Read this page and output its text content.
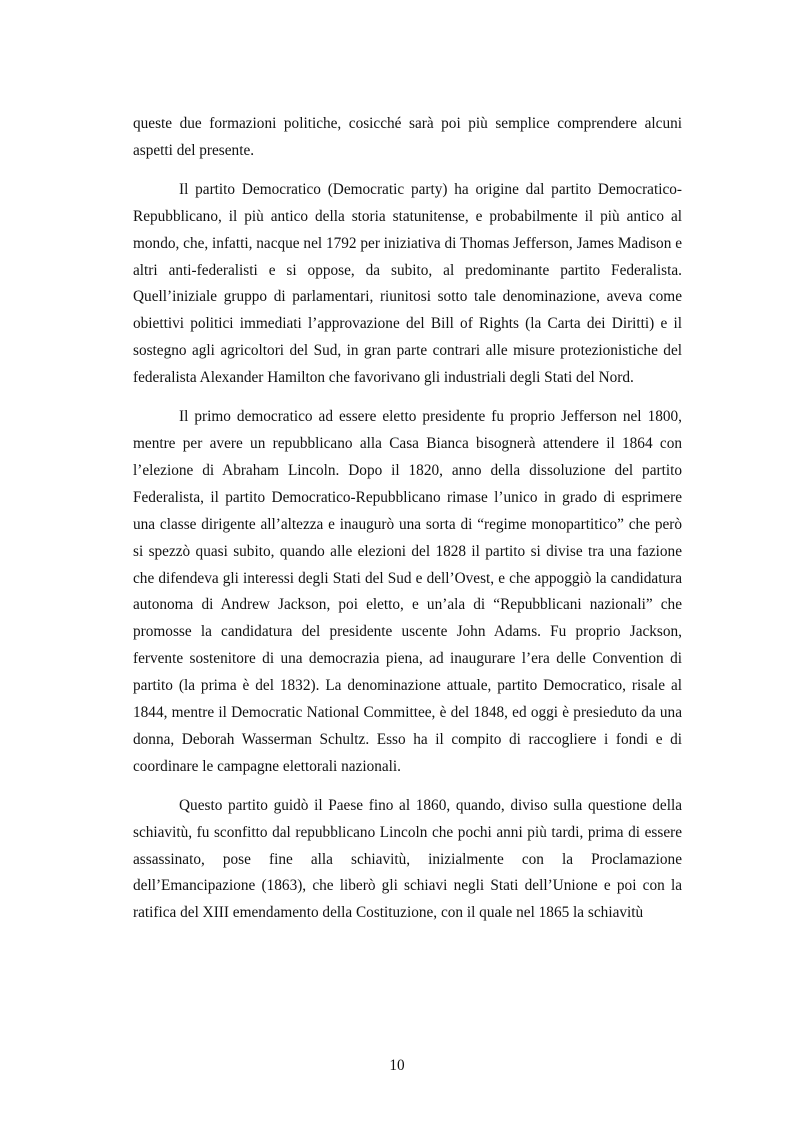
queste due formazioni politiche, cosicché sarà poi più semplice comprendere alcuni aspetti del presente.

Il partito Democratico (Democratic party) ha origine dal partito Democratico-Repubblicano, il più antico della storia statunitense, e probabilmente il più antico al mondo, che, infatti, nacque nel 1792 per iniziativa di Thomas Jefferson, James Madison e altri anti-federalisti e si oppose, da subito, al predominante partito Federalista. Quell’iniziale gruppo di parlamentari, riunitosi sotto tale denominazione, aveva come obiettivi politici immediati l’approvazione del Bill of Rights (la Carta dei Diritti) e il sostegno agli agricoltori del Sud, in gran parte contrari alle misure protezionistiche del federalista Alexander Hamilton che favorivano gli industriali degli Stati del Nord.

Il primo democratico ad essere eletto presidente fu proprio Jefferson nel 1800, mentre per avere un repubblicano alla Casa Bianca bisognerà attendere il 1864 con l’elezione di Abraham Lincoln. Dopo il 1820, anno della dissoluzione del partito Federalista, il partito Democratico-Repubblicano rimase l’unico in grado di esprimere una classe dirigente all’altezza e inaugurò una sorta di “regime monopartitico” che però si spezzò quasi subito, quando alle elezioni del 1828 il partito si divise tra una fazione che difendeva gli interessi degli Stati del Sud e dell’Ovest, e che appoggiò la candidatura autonoma di Andrew Jackson, poi eletto, e un’ala di “Repubblicani nazionali” che promosse la candidatura del presidente uscente John Adams. Fu proprio Jackson, fervente sostenitore di una democrazia piena, ad inaugurare l’era delle Convention di partito (la prima è del 1832). La denominazione attuale, partito Democratico, risale al 1844, mentre il Democratic National Committee, è del 1848, ed oggi è presieduto da una donna, Deborah Wasserman Schultz. Esso ha il compito di raccogliere i fondi e di coordinare le campagne elettorali nazionali.

Questo partito guidò il Paese fino al 1860, quando, diviso sulla questione della schiavitù, fu sconfitto dal repubblicano Lincoln che pochi anni più tardi, prima di essere assassinato, pose fine alla schiavitù, inizialmente con la Proclamazione dell’Emancipazione (1863), che liberò gli schiavi negli Stati dell’Unione e poi con la ratifica del XIII emendamento della Costituzione, con il quale nel 1865 la schiavitù

10
